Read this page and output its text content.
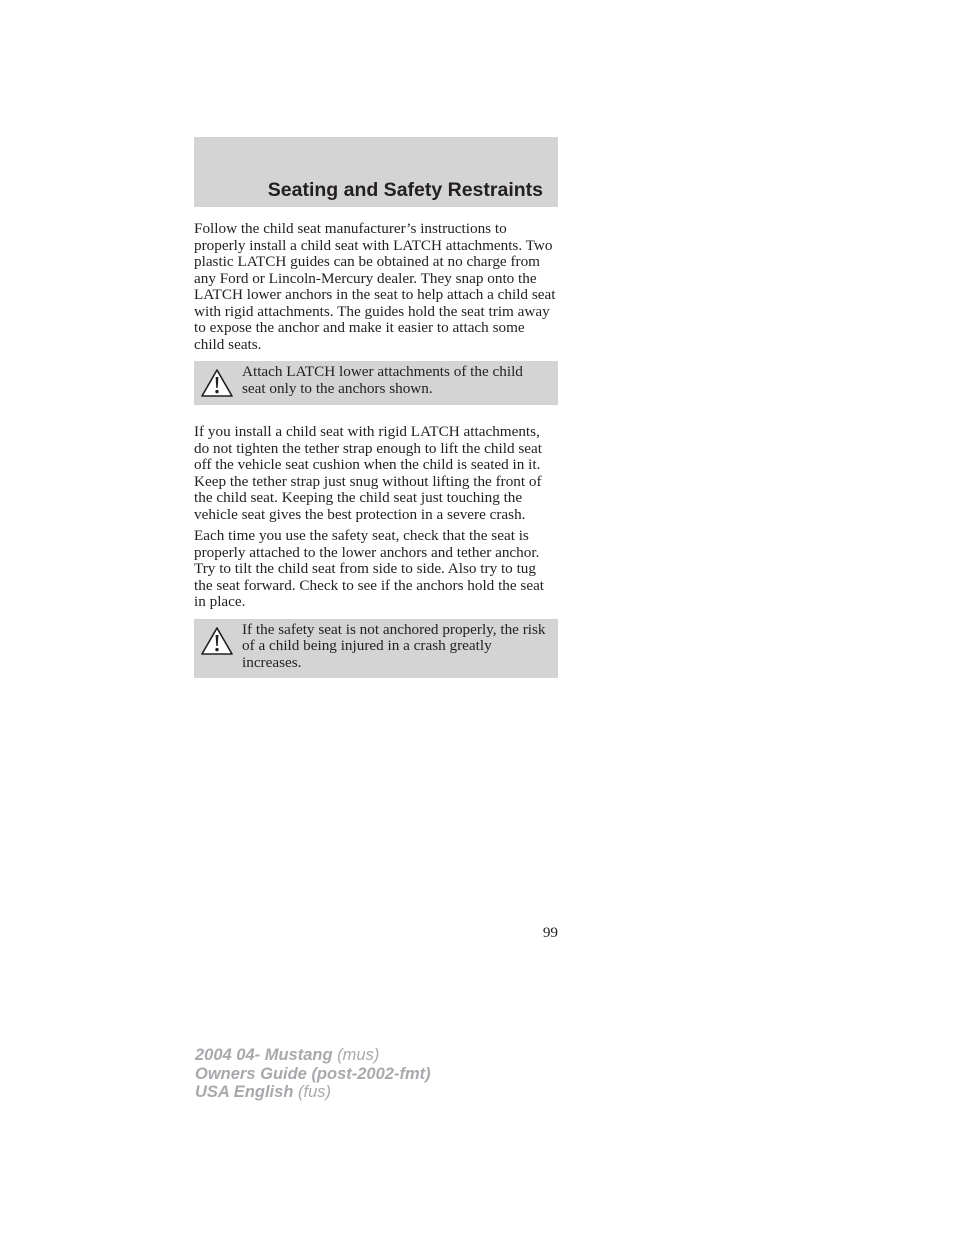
Seating and Safety Restraints

Follow the child seat manufacturer’s instructions to properly install a child seat with LATCH attachments. Two plastic LATCH guides can be obtained at no charge from any Ford or Lincoln-Mercury dealer. They snap onto the LATCH lower anchors in the seat to help attach a child seat with rigid attachments. The guides hold the seat trim away to expose the anchor and make it easier to attach some child seats.

Attach LATCH lower attachments of the child seat only to the anchors shown.

If you install a child seat with rigid LATCH attachments, do not tighten the tether strap enough to lift the child seat off the vehicle seat cushion when the child is seated in it. Keep the tether strap just snug without lifting the front of the child seat. Keeping the child seat just touching the vehicle seat gives the best protection in a severe crash.

Each time you use the safety seat, check that the seat is properly attached to the lower anchors and tether anchor. Try to tilt the child seat from side to side. Also try to tug the seat forward. Check to see if the anchors hold the seat in place.

If the safety seat is not anchored properly, the risk of a child being injured in a crash greatly increases.
99
2004 04- Mustang (mus)
Owners Guide (post-2002-fmt)
USA English (fus)
